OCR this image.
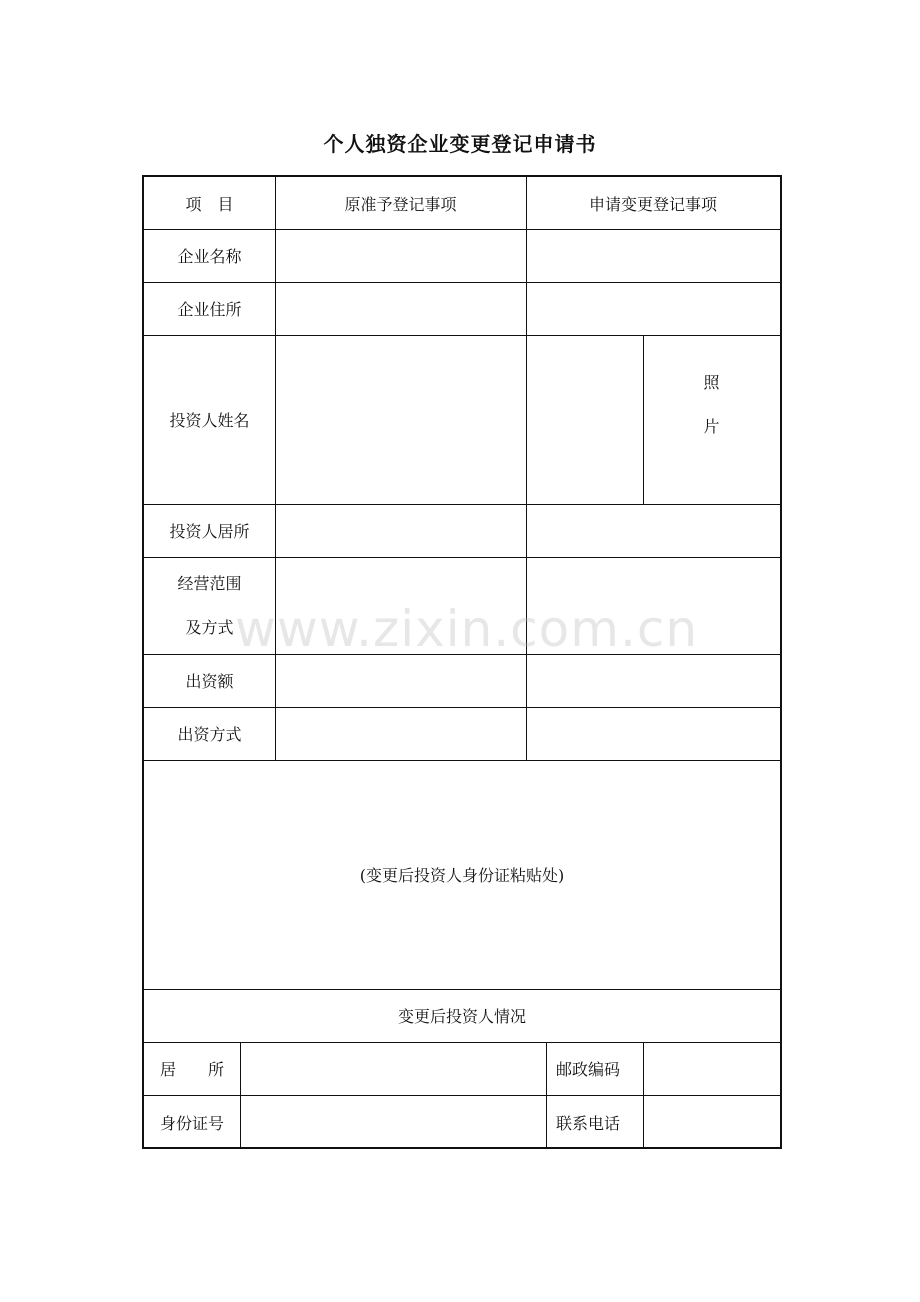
个人独资企业变更登记申请书
项　目	原准予登记事项	申请变更登记事项
企业名称
企业住所
投资人姓名
照
片
投资人居所
经营范围
及方式
出资额
出资方式
(变更后投资人身份证粘贴处)
变更后投资人情况
居　　所	邮政编码
身份证号	联系电话
www.zixin.com.cn
